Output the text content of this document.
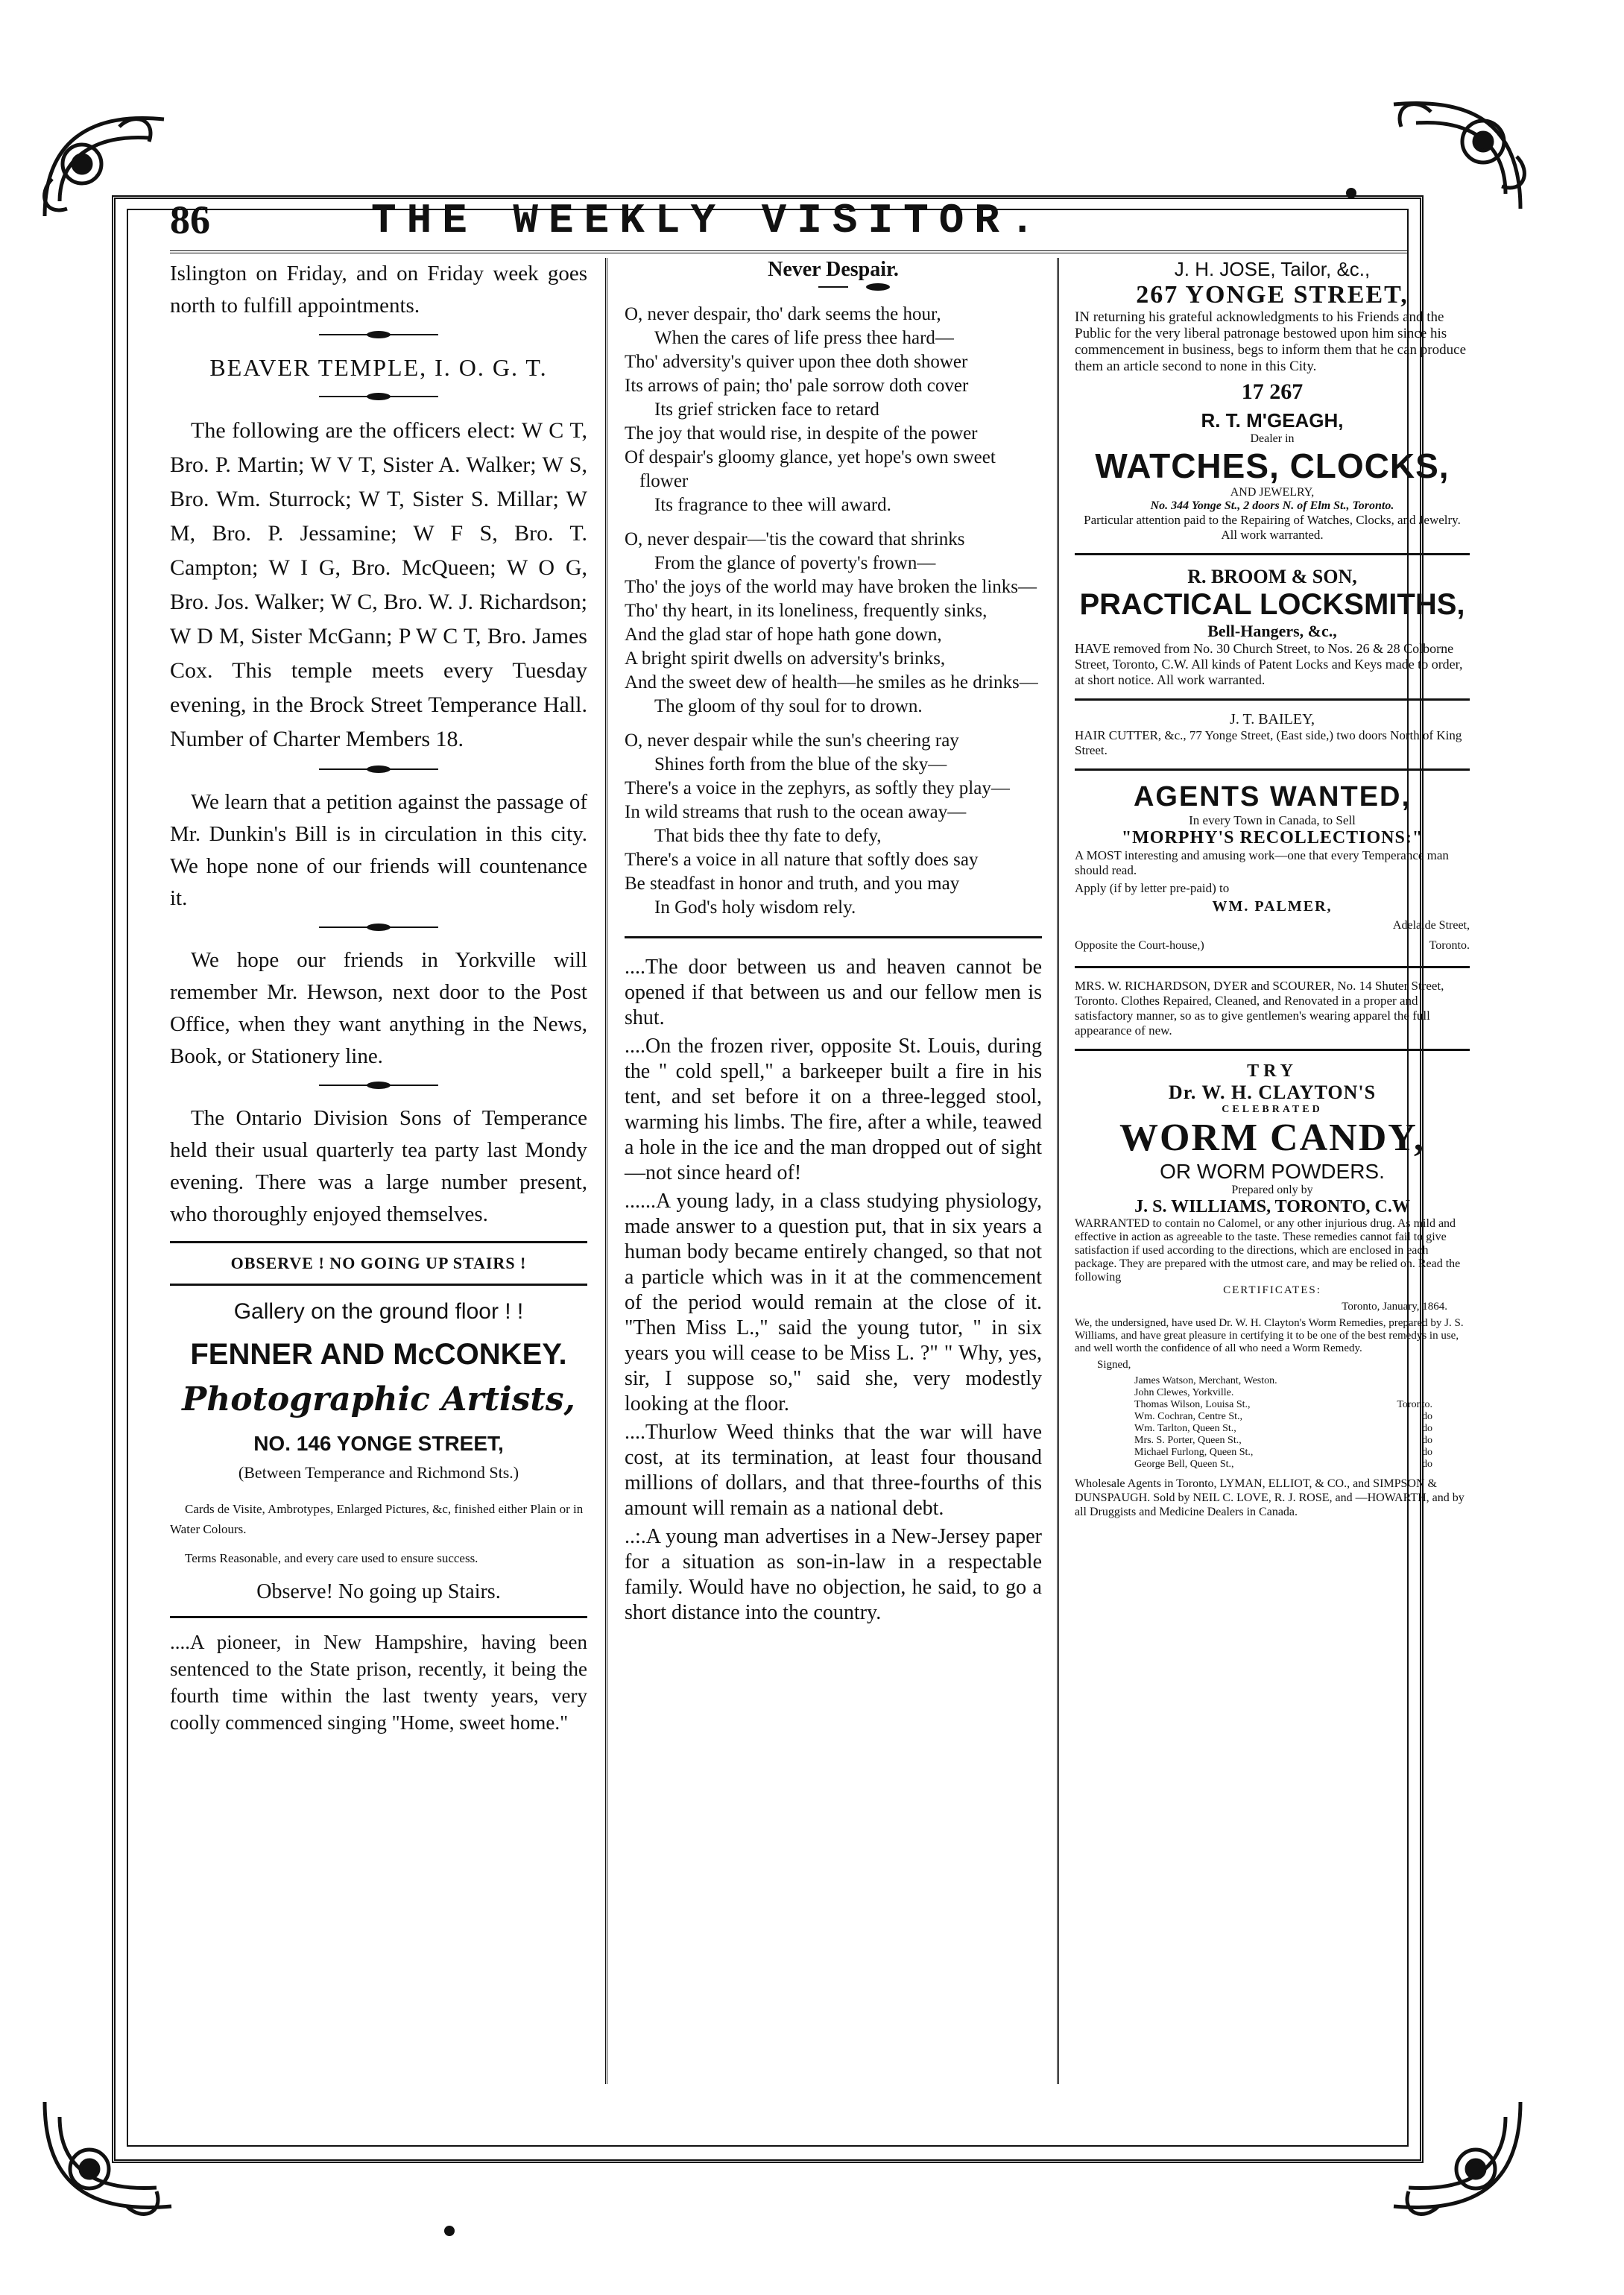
86	THE WEEKLY VISITOR.

Islington on Friday, and on Friday week goes north to fulfill appointments.

BEAVER TEMPLE, I. O. G. T.

The following are the officers elect: W C T, Bro. P. Martin; W V T, Sister A. Walker; W S, Bro. Wm. Sturrock; W T, Sister S. Millar; W M, Bro. P. Jessamine; W F S, Bro. T. Campton; W I G, Bro. McQueen; W O G, Bro. Jos. Walker; W C, Bro. W. J. Richardson; W D M, Sister McGann; P W C T, Bro. James Cox. This temple meets every Tuesday evening, in the Brock Street Temperance Hall. Number of Charter Members 18.

We learn that a petition against the passage of Mr. Dunkin's Bill is in circulation in this city. We hope none of our friends will countenance it.

We hope our friends in Yorkville will remember Mr. Hewson, next door to the Post Office, when they want anything in the News, Book, or Stationery line.

The Ontario Division Sons of Temperance held their usual quarterly tea party last Mondy evening. There was a large number present, who thoroughly enjoyed themselves.

OBSERVE ! NO GOING UP STAIRS !

Gallery on the ground floor ! !

FENNER AND McCONKEY.

Photographic Artists,

NO. 146 YONGE STREET,

(Between Temperance and Richmond Sts.)

Cards de Visite, Ambrotypes, Enlarged Pictures, &c, finished either Plain or in Water Colours.

Terms Reasonable, and every care used to ensure success.

Observe! No going up Stairs.

....A pioneer, in New Hampshire, having been sentenced to the State prison, recently, it being the fourth time within the last twenty years, very coolly commenced singing "Home, sweet home."

Never Despair.

O, never despair, tho' dark seems the hour,
When the cares of life press thee hard—
Tho' adversity's quiver upon thee doth shower
Its arrows of pain; tho' pale sorrow doth cover
Its grief stricken face to retard
The joy that would rise, in despite of the power
Of despair's gloomy glance, yet hope's own sweet flower
Its fragrance to thee will award.
O, never despair—'tis the coward that shrinks
From the glance of poverty's frown—
Tho' the joys of the world may have broken the links—
Tho' thy heart, in its loneliness, frequently sinks,
And the glad star of hope hath gone down,
A bright spirit dwells on adversity's brinks,
And the sweet dew of health—he smiles as he drinks—
The gloom of thy soul for to drown.
O, never despair while the sun's cheering ray
Shines forth from the blue of the sky—
There's a voice in the zephyrs, as softly they play—
In wild streams that rush to the ocean away—
That bids thee thy fate to defy,
There's a voice in all nature that softly does say
Be steadfast in honor and truth, and you may
In God's holy wisdom rely.

....The door between us and heaven cannot be opened if that between us and our fellow men is shut.

....On the frozen river, opposite St. Louis, during the " cold spell," a barkeeper built a fire in his tent, and set before it on a three-legged stool, warming his limbs. The fire, after a while, teawed a hole in the ice and the man dropped out of sight—not since heard of!

......A young lady, in a class studying physiology, made answer to a question put, that in six years a human body became entirely changed, so that not a particle which was in it at the commencement of the period would remain at the close of it. "Then Miss L.," said the young tutor, " in six years you will cease to be Miss L. ?" " Why, yes, sir, I suppose so," said she, very modestly looking at the floor.

....Thurlow Weed thinks that the war will have cost, at its termination, at least four thousand millions of dollars, and that three-fourths of this amount will remain as a national debt.

..:.A young man advertises in a New-Jersey paper for a situation as son-in-law in a respectable family. Would have no objection, he said, to go a short distance into the country.

J. H. JOSE, Tailor, &c.,

267 YONGE STREET,

IN returning his grateful acknowledgments to his Friends and the Public for the very liberal patronage bestowed upon him since his commencement in business, begs to inform them that he can produce them an article second to none in this City.

17 267

R. T. M'GEAGH,

Dealer in

WATCHES, CLOCKS,

AND JEWELRY,

No. 344 Yonge St., 2 doors N. of Elm St., Toronto.

Particular attention paid to the Repairing of Watches, Clocks, and Jewelry. All work warranted.

R. BROOM & SON,

PRACTICAL LOCKSMITHS,

Bell-Hangers, &c.,

HAVE removed from No. 30 Church Street, to Nos. 26 & 28 Colborne Street, Toronto, C.W. All kinds of Patent Locks and Keys made to order, at short notice. All work warranted.

J. T. BAILEY,

HAIR CUTTER, &c., 77 Yonge Street, (East side,) two doors North of King Street.

AGENTS WANTED,

In every Town in Canada, to Sell

"MORPHY'S RECOLLECTIONS:"

A MOST interesting and amusing work—one that every Temperance man should read.

Apply (if by letter pre-paid) to

WM. PALMER,

Adelaide Street,

Opposite the Court-house,)	Toronto.

MRS. W. RICHARDSON, DYER and SCOURER, No. 14 Shuter Street, Toronto. Clothes Repaired, Cleaned, and Renovated in a proper and satisfactory manner, so as to give gentlemen's wearing apparel the full appearance of new.

TRY

Dr. W. H. CLAYTON'S

CELEBRATED

WORM CANDY,

OR WORM POWDERS.

Prepared only by

J. S. WILLIAMS, TORONTO, C.W

WARRANTED to contain no Calomel, or any other injurious drug. As mild and effective in action as agreeable to the taste. These remedies cannot fail to give satisfaction if used according to the directions, which are enclosed in each package. They are prepared with the utmost care, and may be relied on. Read the following

CERTIFICATES:

Toronto, January, 1864.

We, the undersigned, have used Dr. W. H. Clayton's Worm Remedies, prepared by J. S. Williams, and have great pleasure in certifying it to be one of the best remedys in use, and well worth the confidence of all who need a Worm Remedy.

Signed,

James Watson, Merchant, Weston.
John Clewes, Yorkville.
Thomas Wilson, Louisa St.,	Toronto.
Wm. Cochran, Centre St.,	do
Wm. Tarlton, Queen St.,	do
Mrs. S. Porter, Queen St.,	do
Michael Furlong, Queen St.,	do
George Bell, Queen St.,	do

Wholesale Agents in Toronto, LYMAN, ELLIOT, & CO., and SIMPSON & DUNSPAUGH. Sold by NEIL C. LOVE, R. J. ROSE, and —HOWARTH, and by all Druggists and Medicine Dealers in Canada.
